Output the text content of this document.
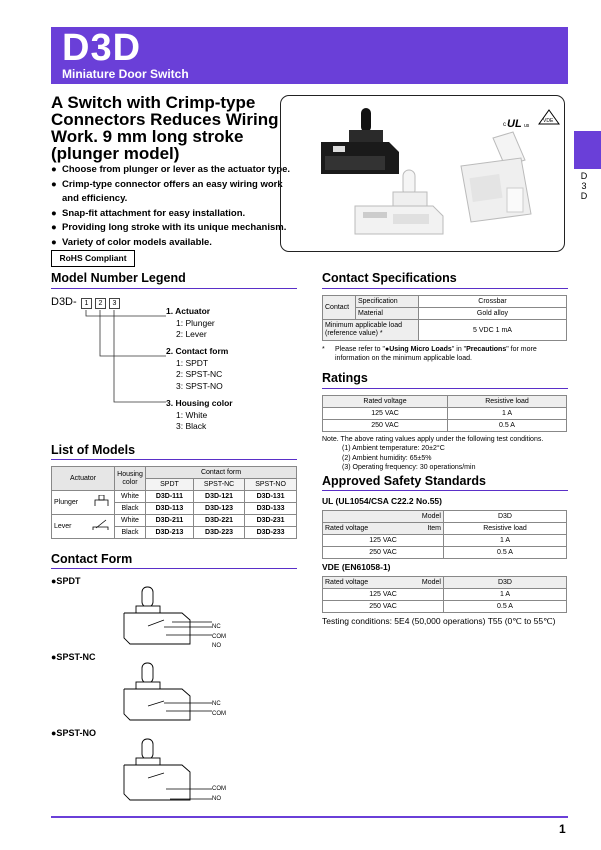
D3D
Miniature Door Switch
D
3
D
A Switch with Crimp-type Connectors Reduces Wiring Work. 9 mm long stroke (plunger model)
● Choose from plunger or lever as the actuator type.
● Crimp-type connector offers an easy wiring work and efficiency.
● Snap-fit attachment for easy installation.
● Providing long stroke with its unique mechanism.
● Variety of color models available.
RoHS Compliant
c UL us
VDE
Model Number Legend
D3D-	1	2	3
1. Actuator
1: Plunger
2: Lever
2. Contact form
1: SPDT
2: SPST-NC
3: SPST-NO
3. Housing color
1: White
3: Black
List of Models
Actuator	Housing color	Contact form		
		SPDT	SPST-NC	SPST-NO
Plunger	White	D3D-111	D3D-121	D3D-131
	Black	D3D-113	D3D-123	D3D-133
Lever	White	D3D-211	D3D-221	D3D-231
	Black	D3D-213	D3D-223	D3D-233
Contact Form
●SPDT
●SPST-NC
●SPST-NO
NC
COM
NO
NC
COM
COM
NO
Contact Specifications
Contact	Specification	Crossbar
	Material	Gold alloy
Minimum applicable load (reference value) *		5 VDC 1 mA
*	Please refer to "●Using Micro Loads" in "Precautions" for more information on the minimum applicable load.
Ratings
Rated voltage	Resistive load
125 VAC	1 A
250 VAC	0.5 A
Note. The above rating values apply under the following test conditions.
(1) Ambient temperature: 20±2°C
(2) Ambient humidity: 65±5%
(3) Operating frequency: 30 operations/min
Approved Safety Standards
UL (UL1054/CSA C22.2 No.55)
Model	D3D
Rated voltage Item	Resistive load
125 VAC	1 A
250 VAC	0.5 A
VDE (EN61058-1)
Rated voltage Model	D3D
125 VAC	1 A
250 VAC	0.5 A
Testing conditions: 5E4 (50,000 operations) T55 (0℃ to 55℃)
1
